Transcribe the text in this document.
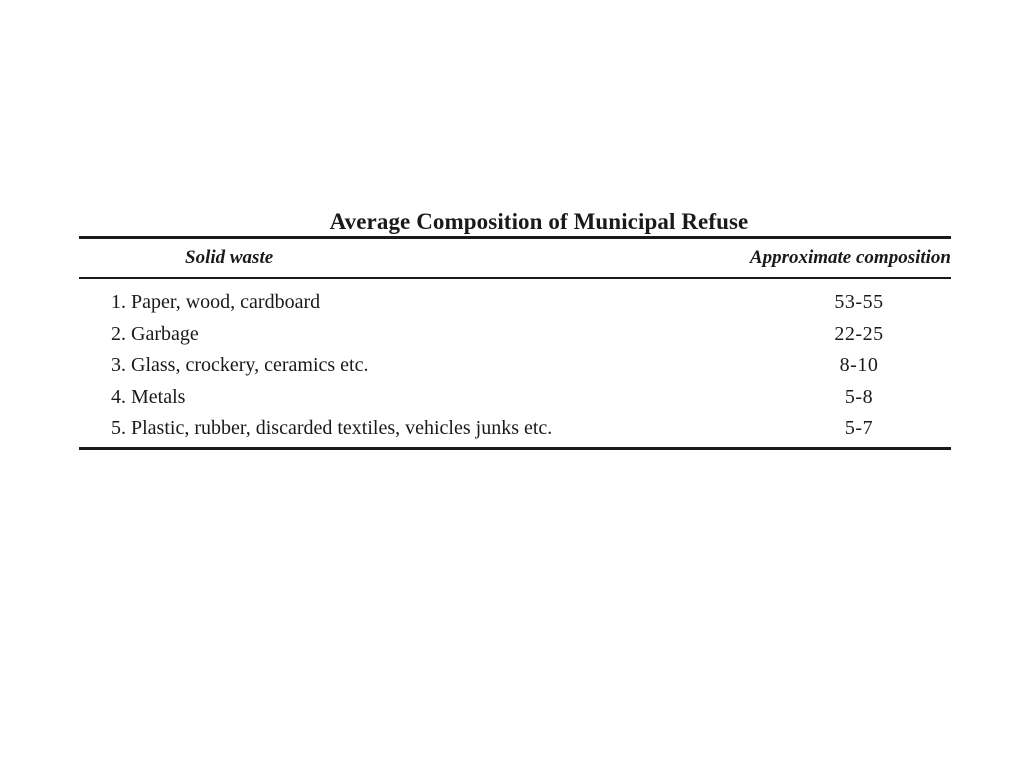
Average Composition of Municipal Refuse
Solid waste	Approximate composition
1. Paper, wood, cardboard	53-55
2. Garbage	22-25
3. Glass, crockery, ceramics etc.	8-10
4. Metals	5-8
5. Plastic, rubber, discarded textiles, vehicles junks etc.	5-7
